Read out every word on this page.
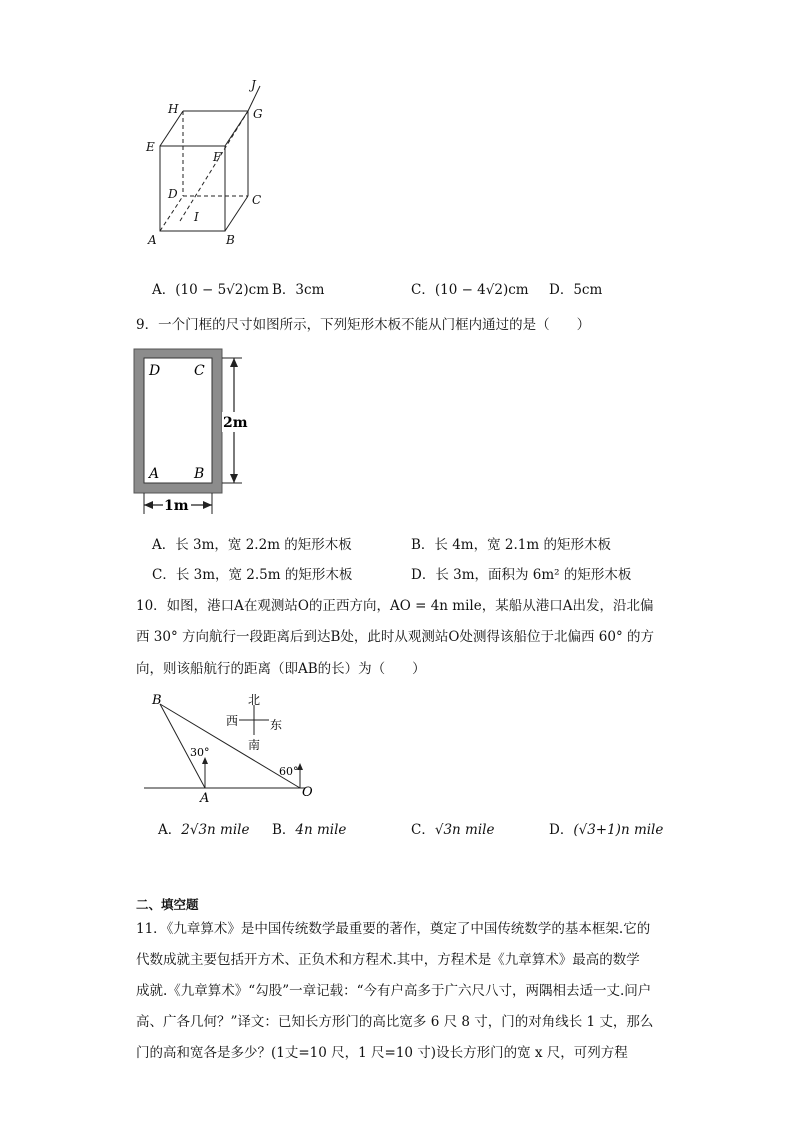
J
H	G
E
F
D	C
I
A	B
A．(10 − 5√2)cm B．3cm	C．(10 − 4√2)cm D．5cm
9．一个门框的尺寸如图所示，下列矩形木板不能从门框内通过的是（　　）
2m
1m
D C
A B
A．长 3m，宽 2.2m 的矩形木板	B．长 4m，宽 2.1m 的矩形木板
C．长 3m，宽 2.5m 的矩形木板	D．长 3m，面积为 6m² 的矩形木板
10．如图，港口A在观测站O的正西方向，AO = 4n mile，某船从港口A出发，沿北偏
西 30° 方向航行一段距离后到达B处，此时从观测站O处测得该船位于北偏西 60° 的方
向，则该船航行的距离（即AB的长）为（　　）
北
西	东
南
30°
60°
B
A	O
A．2√3n mile B．4n mile	C．√3n mile	D．(√3+1)n mile
二、填空题
11．《九章算术》是中国传统数学最重要的著作，奠定了中国传统数学的基本框架.它的
代数成就主要包括开方术、正负术和方程术.其中，方程术是《九章算术》最高的数学
成就.《九章算术》“勾股”一章记载：“今有户高多于广六尺八寸，两隅相去适一丈.问户
高、广各几何？”译文：已知长方形门的高比宽多 6 尺 8 寸，门的对角线长 1 丈，那么
门的高和宽各是多少？(1丈=10 尺，1 尺=10 寸)设长方形门的宽 x 尺，可列方程
